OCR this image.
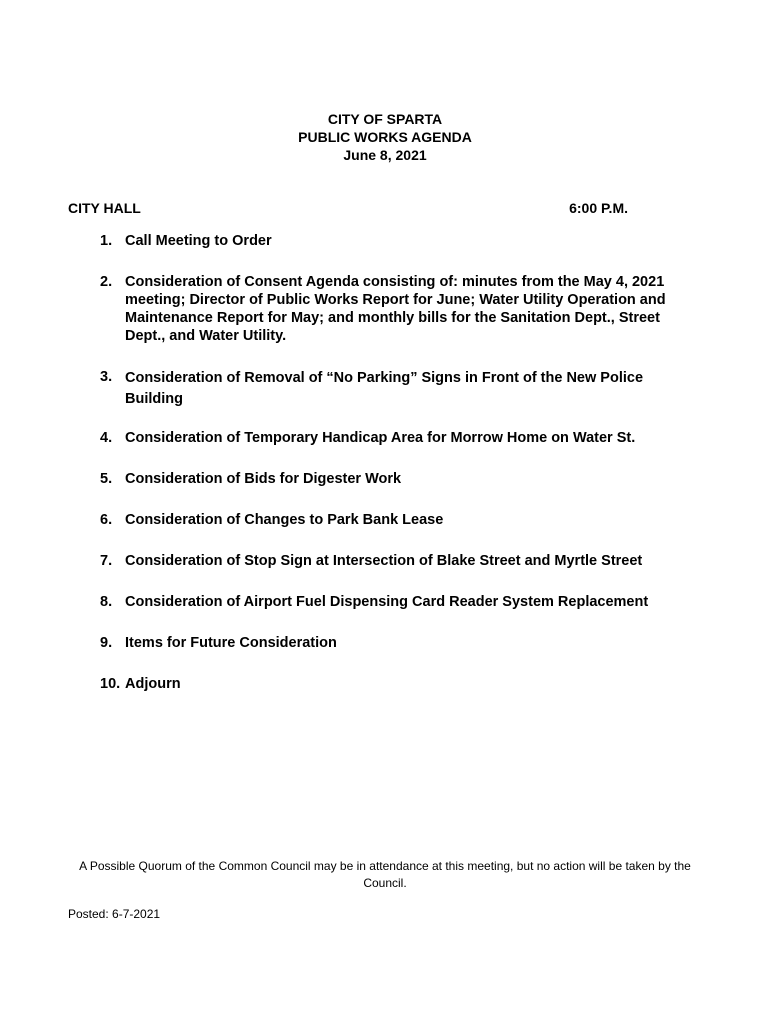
CITY OF SPARTA
PUBLIC WORKS AGENDA
June 8, 2021
CITY HALL	6:00 P.M.
1. Call Meeting to Order
2. Consideration of Consent Agenda consisting of: minutes from the May 4, 2021 meeting; Director of Public Works Report for June; Water Utility Operation and Maintenance Report for May; and monthly bills for the Sanitation Dept., Street Dept., and Water Utility.
3. Consideration of Removal of “No Parking” Signs in Front of the New Police Building
4. Consideration of Temporary Handicap Area for Morrow Home on Water St.
5. Consideration of Bids for Digester Work
6. Consideration of Changes to Park Bank Lease
7. Consideration of Stop Sign at Intersection of Blake Street and Myrtle Street
8. Consideration of Airport Fuel Dispensing Card Reader System Replacement
9. Items for Future Consideration
10. Adjourn
A Possible Quorum of the Common Council may be in attendance at this meeting, but no action will be taken by the Council.
Posted: 6-7-2021
